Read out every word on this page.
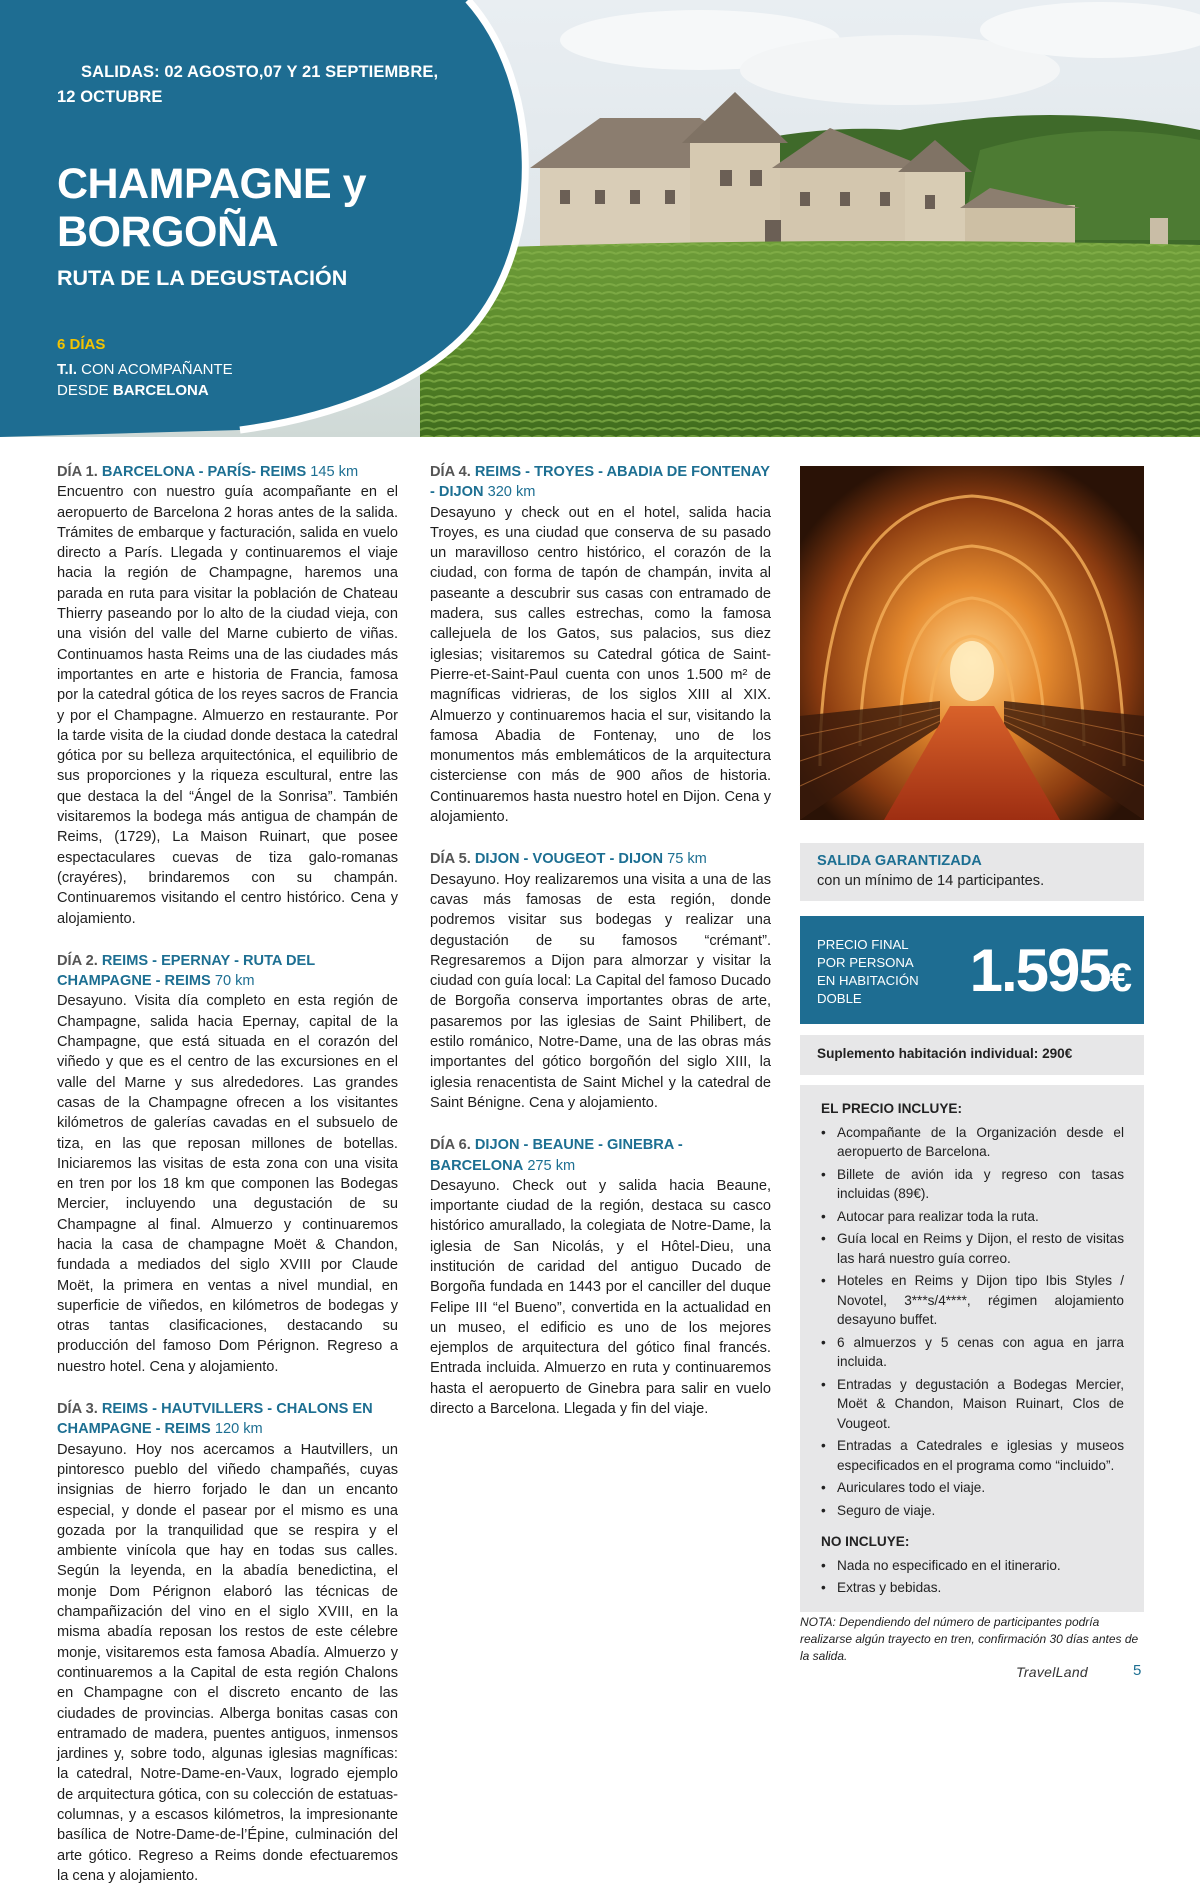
SALIDAS: 02 AGOSTO,07 Y 21 SEPTIEMBRE,
12 OCTUBRE
CHAMPAGNE y
BORGOÑA
RUTA DE LA DEGUSTACIÓN
6 DÍAS
T.I. CON ACOMPAÑANTE
DESDE BARCELONA
DÍA 1. BARCELONA - PARÍS- REIMS 145 km
Encuentro con nuestro guía acompañante en el aeropuerto de Barcelona 2 horas antes de la salida. Trámites de embarque y facturación, salida en vuelo directo a París. Llegada y continuaremos el viaje hacia la región de Champagne, haremos una parada en ruta para visitar la población de Chateau Thierry paseando por lo alto de la ciudad vieja, con una visión del valle del Marne cubierto de viñas. Continuamos hasta Reims una de las ciudades más importantes en arte e historia de Francia, famosa por la catedral gótica de los reyes sacros de Francia y por el Champagne. Almuerzo en restaurante. Por la tarde visita de la ciudad donde destaca la catedral gótica por su belleza arquitectónica, el equilibrio de sus proporciones y la riqueza escultural, entre las que destaca la del “Ángel de la Sonrisa”. También visitaremos la bodega más antigua de champán de Reims, (1729), La Maison Ruinart, que posee espectaculares cuevas de tiza galo-romanas (crayéres), brindaremos con su champán. Continuaremos visitando el centro histórico. Cena y alojamiento.
DÍA 2. REIMS - EPERNAY - RUTA DEL CHAMPAGNE - REIMS 70 km
Desayuno. Visita día completo en esta región de Champagne, salida hacia Epernay, capital de la Champagne, que está situada en el corazón del viñedo y que es el centro de las excursiones en el valle del Marne y sus alrededores. Las grandes casas de la Champagne ofrecen a los visitantes kilómetros de galerías cavadas en el subsuelo de tiza, en las que reposan millones de botellas. Iniciaremos las visitas de esta zona con una visita en tren por los 18 km que componen las Bodegas Mercier, incluyendo una degustación de su Champagne al final. Almuerzo y continuaremos hacia la casa de champagne Moët & Chandon, fundada a mediados del siglo XVIII por Claude Moët, la primera en ventas a nivel mundial, en superficie de viñedos, en kilómetros de bodegas y otras tantas clasificaciones, destacando su producción del famoso Dom Pérignon. Regreso a nuestro hotel. Cena y alojamiento.
DÍA 3. REIMS - HAUTVILLERS - CHALONS EN CHAMPAGNE - REIMS 120 km
Desayuno. Hoy nos acercamos a Hautvillers, un pintoresco pueblo del viñedo champañés, cuyas insignias de hierro forjado le dan un encanto especial, y donde el pasear por el mismo es una gozada por la tranquilidad que se respira y el ambiente vinícola que hay en todas sus calles. Según la leyenda, en la abadía benedictina, el monje Dom Pérignon elaboró las técnicas de champañización del vino en el siglo XVIII, en la misma abadía reposan los restos de este célebre monje, visitaremos esta famosa Abadía. Almuerzo y continuaremos a la Capital de esta región Chalons en Champagne con el discreto encanto de las ciudades de provincias. Alberga bonitas casas con entramado de madera, puentes antiguos, inmensos jardines y, sobre todo, algunas iglesias magníficas: la catedral, Notre-Dame-en-Vaux, logrado ejemplo de arquitectura gótica, con su colección de estatuas-columnas, y a escasos kilómetros, la impresionante basílica de Notre-Dame-de-l’Épine, culminación del arte gótico. Regreso a Reims donde efectuaremos la cena y alojamiento.
DÍA 4. REIMS - TROYES - ABADIA DE FONTENAY - DIJON 320 km
Desayuno y check out en el hotel, salida hacia Troyes, es una ciudad que conserva de su pasado un maravilloso centro histórico, el corazón de la ciudad, con forma de tapón de champán, invita al paseante a descubrir sus casas con entramado de madera, sus calles estrechas, como la famosa callejuela de los Gatos, sus palacios, sus diez iglesias; visitaremos su Catedral gótica de Saint-Pierre-et-Saint-Paul cuenta con unos 1.500 m² de magníficas vidrieras, de los siglos XIII al XIX. Almuerzo y continuaremos hacia el sur, visitando la famosa Abadia de Fontenay, uno de los monumentos más emblemáticos de la arquitectura cisterciense con más de 900 años de historia. Continuaremos hasta nuestro hotel en Dijon. Cena y alojamiento.
DÍA 5. DIJON - VOUGEOT - DIJON 75 km
Desayuno. Hoy realizaremos una visita a una de las cavas más famosas de esta región, donde podremos visitar sus bodegas y realizar una degustación de su famosos “crémant”. Regresaremos a Dijon para almorzar y visitar la ciudad con guía local: La Capital del famoso Ducado de Borgoña conserva importantes obras de arte, pasaremos por las iglesias de Saint Philibert, de estilo románico, Notre-Dame, una de las obras más importantes del gótico borgoñón del siglo XIII, la iglesia renacentista de Saint Michel y la catedral de Saint Bénigne. Cena y alojamiento.
DÍA 6. DIJON - BEAUNE - GINEBRA - BARCELONA 275 km
Desayuno. Check out y salida hacia Beaune, importante ciudad de la región, destaca su casco histórico amurallado, la colegiata de Notre-Dame, la iglesia de San Nicolás, y el Hôtel-Dieu, una institución de caridad del antiguo Ducado de Borgoña fundada en 1443 por el canciller del duque Felipe III “el Bueno”, convertida en la actualidad en un museo, el edificio es uno de los mejores ejemplos de arquitectura del gótico final francés. Entrada incluida. Almuerzo en ruta y continuaremos hasta el aeropuerto de Ginebra para salir en vuelo directo a Barcelona. Llegada y fin del viaje.
SALIDA GARANTIZADA
con un mínimo de 14 participantes.
PRECIO FINAL
POR PERSONA
EN HABITACIÓN
DOBLE	1.595€
Suplemento habitación individual: 290€
EL PRECIO INCLUYE:
• Acompañante de la Organización desde el aeropuerto de Barcelona.
• Billete de avión ida y regreso con tasas incluidas (89€).
• Autocar para realizar toda la ruta.
• Guía local en Reims y Dijon, el resto de visitas las hará nuestro guía correo.
• Hoteles en Reims y Dijon tipo Ibis Styles / Novotel, 3***s/4****, régimen alojamiento desayuno buffet.
• 6 almuerzos y 5 cenas con agua en jarra incluida.
• Entradas y degustación a Bodegas Mercier, Moët & Chandon, Maison Ruinart, Clos de Vougeot.
• Entradas a Catedrales e iglesias y museos especificados en el programa como “incluido”.
• Auriculares todo el viaje.
• Seguro de viaje.
NO INCLUYE:
• Nada no especificado en el itinerario.
• Extras y bebidas.
NOTA: Dependiendo del número de participantes podría realizarse algún trayecto en tren, confirmación 30 días antes de la salida.
TravelLand	5
